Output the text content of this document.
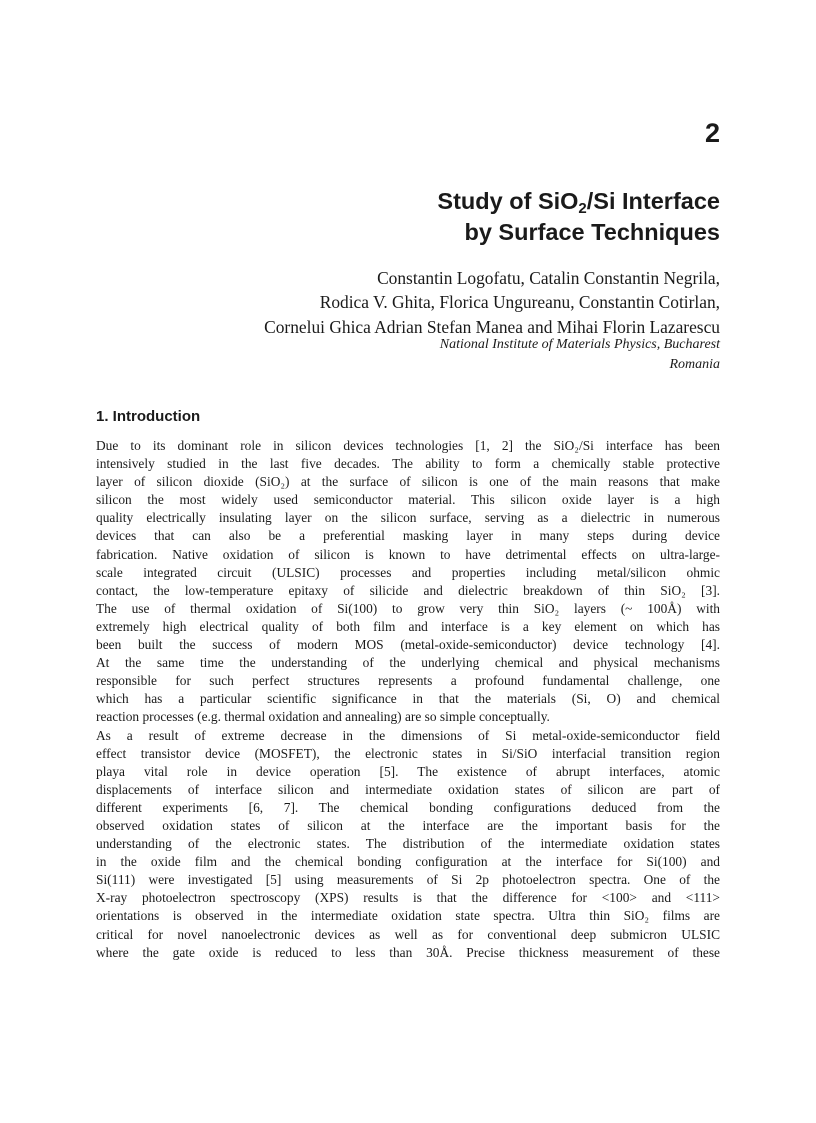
2
Study of SiO$_2$/Si Interface
by Surface Techniques
Constantin Logofatu, Catalin Constantin Negrila,
Rodica V. Ghita, Florica Ungureanu, Constantin Cotirlan,
Cornelui Ghica Adrian Stefan Manea and Mihai Florin Lazarescu
National Institute of Materials Physics, Bucharest
Romania
1. Introduction
Due to its dominant role in silicon devices technologies [1, 2] the SiO₂/Si interface has been
intensively studied in the last five decades. The ability to form a chemically stable protective
layer of silicon dioxide (SiO₂) at the surface of silicon is one of the main reasons that make
silicon the most widely used semiconductor material. This silicon oxide layer is a high
quality electrically insulating layer on the silicon surface, serving as a dielectric in numerous
devices that can also be a preferential masking layer in many steps during device
fabrication. Native oxidation of silicon is known to have detrimental effects on ultra-large-
scale integrated circuit (ULSIC) processes and properties including metal/silicon ohmic
contact, the low-temperature epitaxy of silicide and dielectric breakdown of thin SiO₂ [3].
The use of thermal oxidation of Si(100) to grow very thin SiO₂ layers (~ 100Å) with
extremely high electrical quality of both film and interface is a key element on which has
been built the success of modern MOS (metal-oxide-semiconductor) device technology [4].
At the same time the understanding of the underlying chemical and physical mechanisms
responsible for such perfect structures represents a profound fundamental challenge, one
which has a particular scientific significance in that the materials (Si, O) and chemical
reaction processes (e.g. thermal oxidation and annealing) are so simple conceptually.
As a result of extreme decrease in the dimensions of Si metal-oxide-semiconductor field
effect transistor device (MOSFET), the electronic states in Si/SiO interfacial transition region
playa vital role in device operation [5]. The existence of abrupt interfaces, atomic
displacements of interface silicon and intermediate oxidation states of silicon are part of
different experiments [6, 7]. The chemical bonding configurations deduced from the
observed oxidation states of silicon at the interface are the important basis for the
understanding of the electronic states. The distribution of the intermediate oxidation states
in the oxide film and the chemical bonding configuration at the interface for Si(100) and
Si(111) were investigated [5] using measurements of Si 2p photoelectron spectra. One of the
X-ray photoelectron spectroscopy (XPS) results is that the difference for <100> and <111>
orientations is observed in the intermediate oxidation state spectra. Ultra thin SiO₂ films are
critical for novel nanoelectronic devices as well as for conventional deep submicron ULSIC
where the gate oxide is reduced to less than 30Å. Precise thickness measurement of these
